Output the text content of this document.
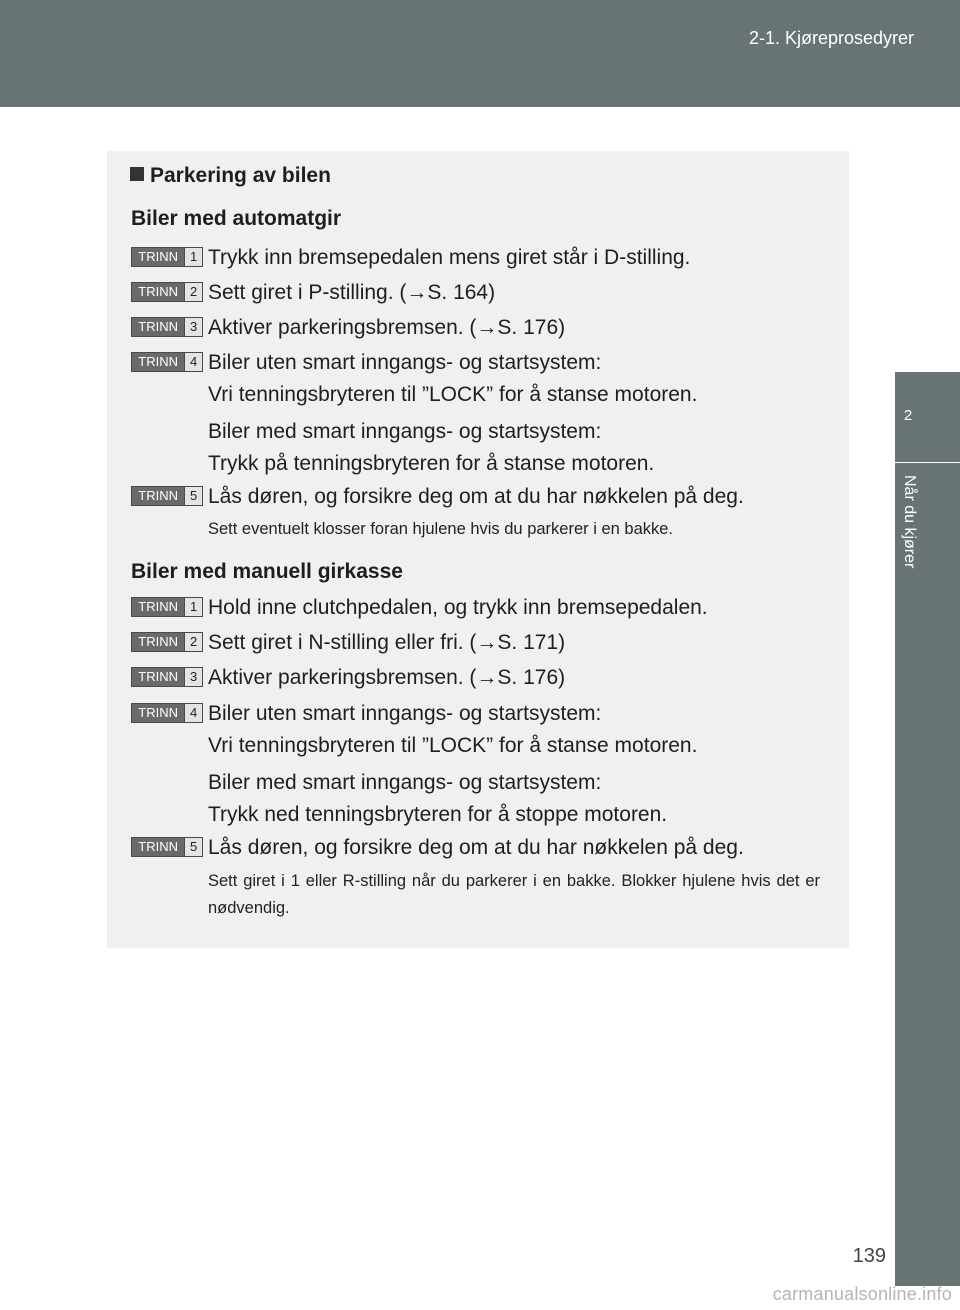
2-1. Kjøreprosedyrer
2
Når du kjører
Parkering av bilen
Biler med automatgir
TRINN 1 Trykk inn bremsepedalen mens giret står i D-stilling.
TRINN 2 Sett giret i P-stilling. (→S. 164)
TRINN 3 Aktiver parkeringsbremsen. (→S. 176)
TRINN 4 Biler uten smart inngangs- og startsystem:
Vri tenningsbryteren til ”LOCK” for å stanse motoren.
Biler med smart inngangs- og startsystem:
Trykk på tenningsbryteren for å stanse motoren.
TRINN 5 Lås døren, og forsikre deg om at du har nøkkelen på deg.
Sett eventuelt klosser foran hjulene hvis du parkerer i en bakke.
Biler med manuell girkasse
TRINN 1 Hold inne clutchpedalen, og trykk inn bremsepedalen.
TRINN 2 Sett giret i N-stilling eller fri. (→S. 171)
TRINN 3 Aktiver parkeringsbremsen. (→S. 176)
TRINN 4 Biler uten smart inngangs- og startsystem:
Vri tenningsbryteren til ”LOCK” for å stanse motoren.
Biler med smart inngangs- og startsystem:
Trykk ned tenningsbryteren for å stoppe motoren.
TRINN 5 Lås døren, og forsikre deg om at du har nøkkelen på deg.
Sett giret i 1 eller R-stilling når du parkerer i en bakke. Blokker hjulene hvis det er nødvendig.
139
carmanualsonline.info
